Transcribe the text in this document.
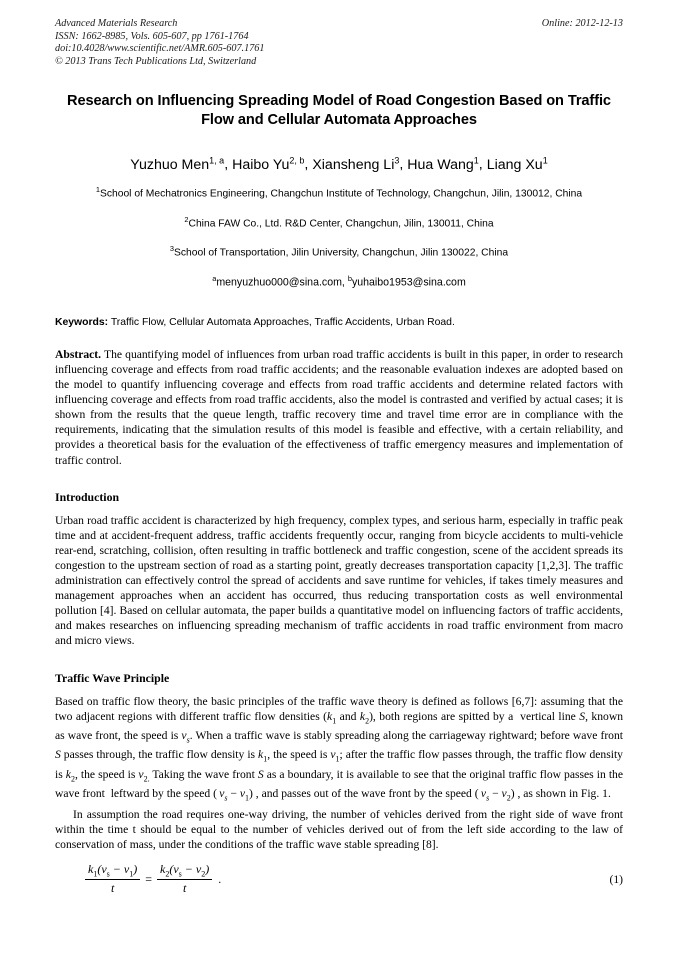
Advanced Materials Research
ISSN: 1662-8985, Vols. 605-607, pp 1761-1764
doi:10.4028/www.scientific.net/AMR.605-607.1761
© 2013 Trans Tech Publications Ltd, Switzerland
Online: 2012-12-13
Research on Influencing Spreading Model of Road Congestion Based on Traffic Flow and Cellular Automata Approaches
Yuzhuo Men$^{1, a}$, Haibo Yu$^{2, b}$, Xiansheng Li$^3$, Hua Wang$^1$, Liang Xu$^1$
$^1$School of Mechatronics Engineering, Changchun Institute of Technology, Changchun, Jilin, 130012, China
$^2$China FAW Co., Ltd. R&D Center, Changchun, Jilin, 130011, China
$^3$School of Transportation, Jilin University, Changchun, Jilin 130022, China
$^a$menyuzhuo000@sina.com, $^b$yuhaibo1953@sina.com
Keywords: Traffic Flow, Cellular Automata Approaches, Traffic Accidents, Urban Road.
Abstract. The quantifying model of influences from urban road traffic accidents is built in this paper, in order to research influencing coverage and effects from road traffic accidents; and the reasonable evaluation indexes are adopted based on the model to quantify influencing coverage and effects from road traffic accidents and determine related factors with influencing coverage and effects from road traffic accidents, also the model is contrasted and verified by actual cases; it is shown from the results that the queue length, traffic recovery time and travel time error are in compliance with the requirements, indicating that the simulation results of this model is feasible and effective, with a certain reliability, and provides a theoretical basis for the evaluation of the effectiveness of traffic emergency measures and implementation of traffic control.
Introduction
Urban road traffic accident is characterized by high frequency, complex types, and serious harm, especially in traffic peak time and at accident-frequent address, traffic accidents frequently occur, ranging from bicycle accidents to multi-vehicle rear-end, scratching, collision, often resulting in traffic bottleneck and traffic congestion, scene of the accident spreads its congestion to the upstream section of road as a starting point, greatly decreases transportation capacity [1,2,3]. The traffic administration can effectively control the spread of accidents and save runtime for vehicles, if takes timely measures and management approaches when an accident has occurred, thus reducing transportation costs as well environmental pollution [4]. Based on cellular automata, the paper builds a quantitative model on influencing factors of traffic accidents, and makes researches on influencing spreading mechanism of traffic accidents in road traffic environment from macro and micro views.
Traffic Wave Principle
Based on traffic flow theory, the basic principles of the traffic wave theory is defined as follows [6,7]: assuming that the two adjacent regions with different traffic flow densities ($k_1$ and $k_2$), both regions are spitted by a  vertical line S, known as wave front, the speed is $v_s$. When a traffic wave is stably spreading along the carriageway rightward; before wave front S passes through, the traffic flow density is $k_1$, the speed is $v_1$; after the traffic flow passes through, the traffic flow density is $k_2$, the speed is $v_{2.}$ Taking the wave front S as a boundary, it is available to see that the original traffic flow passes in the wave front  leftward by the speed ( $v_s - v_1$) , and passes out of the wave front by the speed ( $v_s - v_2$) , as shown in Fig. 1.
In assumption the road requires one-way driving, the number of vehicles derived from the right side of wave front within the time t should be equal to the number of vehicles derived out of from the left side according to the law of conservation of mass, under the conditions of the traffic wave stable spreading [8].
$\frac{k_1(v_s - v_1)}{t} = \frac{k_2(v_s - v_2)}{t}$ .	(1)
